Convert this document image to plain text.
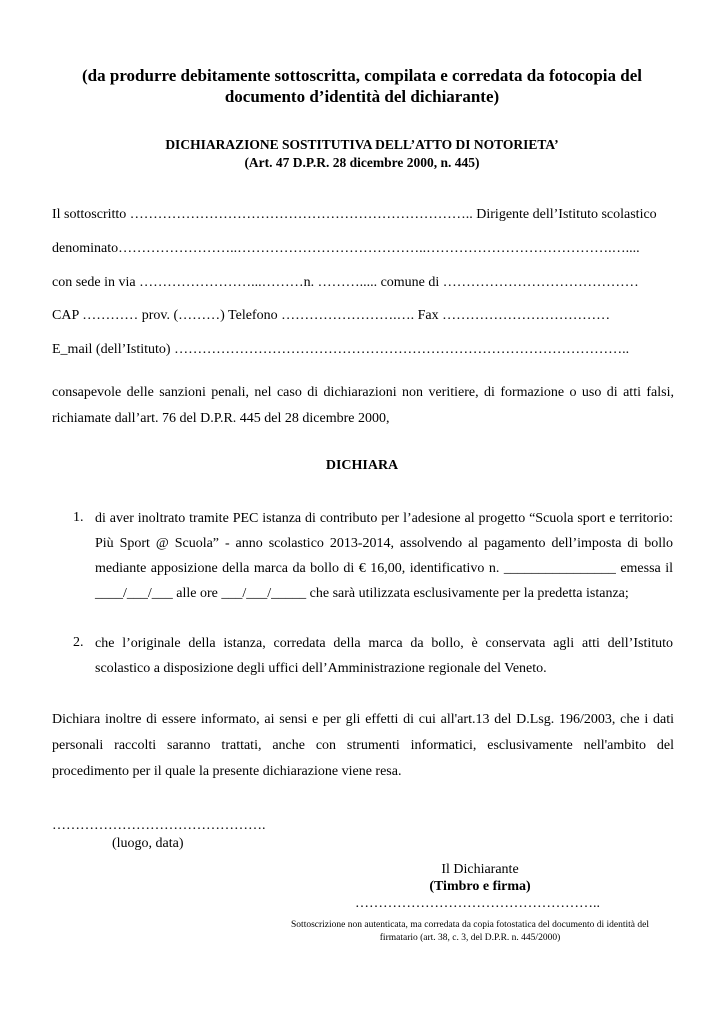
(da produrre debitamente sottoscritta, compilata e corredata da fotocopia del
documento d’identità del dichiarante)
DICHIARAZIONE SOSTITUTIVA DELL’ATTO DI NOTORIETA’
(Art. 47 D.P.R. 28 dicembre 2000, n. 445)
Il sottoscritto ……………………………………………………………….. Dirigente dell’Istituto scolastico
denominato……………………..…………………………………..………………………………….…....
con sede in via ……………………...………n. ………..... comune di ……………………………………
CAP ………… prov. (………) Telefono …………………….…. Fax ………………………………
E_mail (dell’Istituto) ……………………………………………………………………………………..
consapevole delle sanzioni penali, nel caso di dichiarazioni non veritiere, di formazione o uso di atti falsi, richiamate dall’art. 76 del D.P.R. 445 del 28 dicembre 2000,
DICHIARA
1. di aver inoltrato tramite PEC istanza di contributo per l’adesione al progetto “Scuola sport e territorio: Più Sport @ Scuola” - anno scolastico 2013-2014, assolvendo al pagamento dell’imposta di bollo mediante apposizione della marca da bollo di € 16,00, identificativo n. ________________ emessa il ____/___/___ alle ore ___/___/_____ che sarà utilizzata esclusivamente per la predetta istanza;
2. che l’originale della istanza, corredata della marca da bollo, è conservata agli atti dell’Istituto scolastico a disposizione degli uffici dell’Amministrazione regionale del Veneto.
Dichiara inoltre di essere informato, ai sensi e per gli effetti di cui all'art.13 del D.Lsg. 196/2003, che i dati personali raccolti saranno trattati, anche con strumenti informatici, esclusivamente nell'ambito del procedimento per il quale la presente dichiarazione viene resa.
……………………………………….
(luogo, data)
Il Dichiarante
(Timbro e firma)
……………………………………………..
Sottoscrizione non autenticata, ma corredata da copia fotostatica del documento di identità del
firmatario (art. 38, c. 3, del D.P.R. n. 445/2000)
